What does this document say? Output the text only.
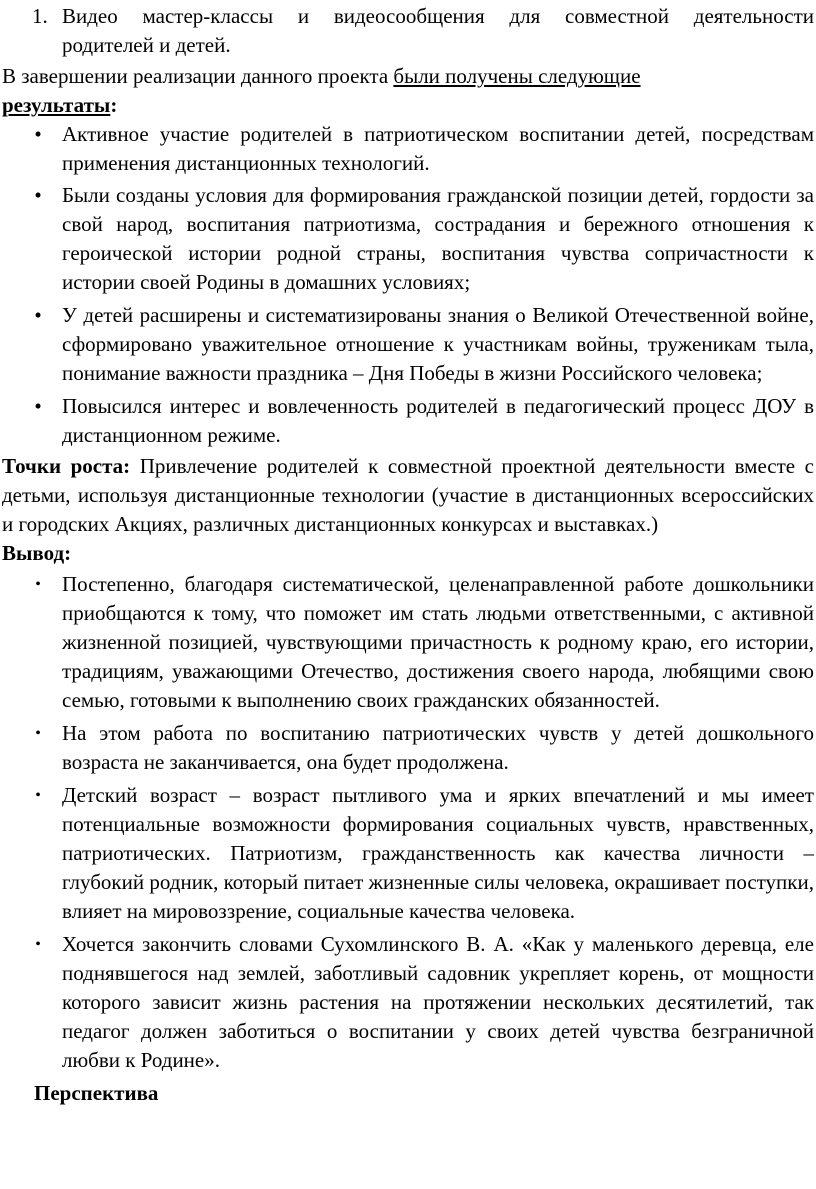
1. Видео мастер-классы и видеосообщения для совместной деятельности
родителей и детей.

В завершении реализации данного проекта были получены следующие
результаты:

• Активное участие родителей в патриотическом воспитании детей, посредствам применения дистанционных технологий.
• Были созданы условия для формирования гражданской позиции детей, гордости за свой народ, воспитания патриотизма, сострадания и бережного отношения к героической истории родной страны, воспитания чувства сопричастности к истории своей Родины в домашних условиях;
• У детей расширены и систематизированы знания о Великой Отечественной войне, сформировано уважительное отношение к участникам войны, труженикам тыла, понимание важности праздника – Дня Победы в жизни Российского человека;
• Повысился интерес и вовлеченность родителей в педагогический процесс ДОУ в дистанционном режиме.

Точки роста: Привлечение родителей к совместной проектной деятельности вместе с детьми, используя дистанционные технологии (участие в дистанционных всероссийских и городских Акциях, различных дистанционных конкурсах и выставках.)

Вывод:

• Постепенно, благодаря систематической, целенаправленной работе дошкольники приобщаются к тому, что поможет им стать людьми ответственными, с активной жизненной позицией, чувствующими причастность к родному краю, его истории, традициям, уважающими Отечество, достижения своего народа, любящими свою семью, готовыми к выполнению своих гражданских обязанностей.
• На этом работа по воспитанию патриотических чувств у детей дошкольного возраста не заканчивается, она будет продолжена.
• Детский возраст – возраст пытливого ума и ярких впечатлений и мы имеет потенциальные возможности формирования социальных чувств, нравственных, патриотических. Патриотизм, гражданственность как качества личности – глубокий родник, который питает жизненные силы человека, окрашивает поступки, влияет на мировоззрение, социальные качества человека.
• Хочется закончить словами Сухомлинского В. А. «Как у маленького деревца, еле поднявшегося над землей, заботливый садовник укрепляет корень, от мощности которого зависит жизнь растения на протяжении нескольких десятилетий, так педагог должен заботиться о воспитании у своих детей чувства безграничной любви к Родине».

Перспектива
